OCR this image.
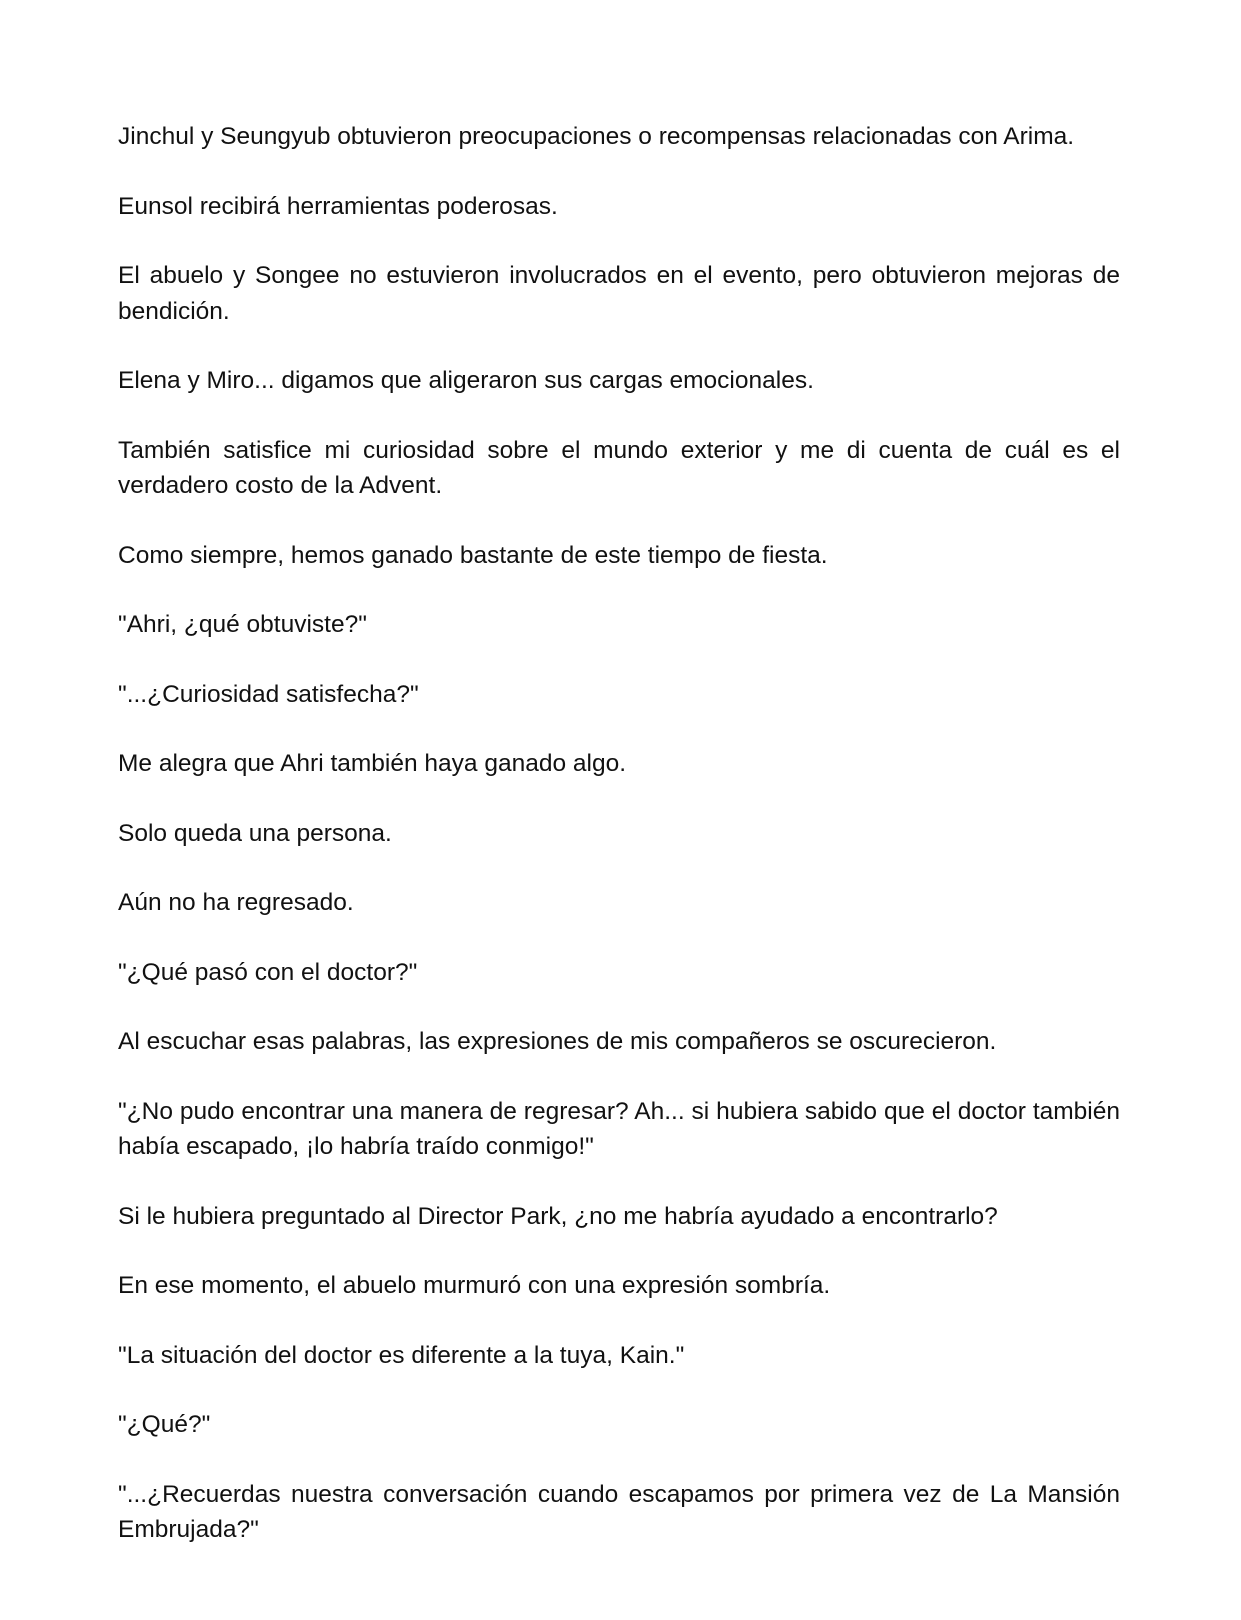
Jinchul y Seungyub obtuvieron preocupaciones o recompensas relacionadas con Arima.

Eunsol recibirá herramientas poderosas.

El abuelo y Songee no estuvieron involucrados en el evento, pero obtuvieron mejoras de bendición.

Elena y Miro... digamos que aligeraron sus cargas emocionales.

También satisfice mi curiosidad sobre el mundo exterior y me di cuenta de cuál es el verdadero costo de la Advent.

Como siempre, hemos ganado bastante de este tiempo de fiesta.

"Ahri, ¿qué obtuviste?"

"...¿Curiosidad satisfecha?"

Me alegra que Ahri también haya ganado algo.

Solo queda una persona.

Aún no ha regresado.

"¿Qué pasó con el doctor?"

Al escuchar esas palabras, las expresiones de mis compañeros se oscurecieron.

"¿No pudo encontrar una manera de regresar? Ah... si hubiera sabido que el doctor también había escapado, ¡lo habría traído conmigo!"

Si le hubiera preguntado al Director Park, ¿no me habría ayudado a encontrarlo?

En ese momento, el abuelo murmuró con una expresión sombría.

"La situación del doctor es diferente a la tuya, Kain."

"¿Qué?"

"...¿Recuerdas nuestra conversación cuando escapamos por primera vez de La Mansión Embrujada?"
